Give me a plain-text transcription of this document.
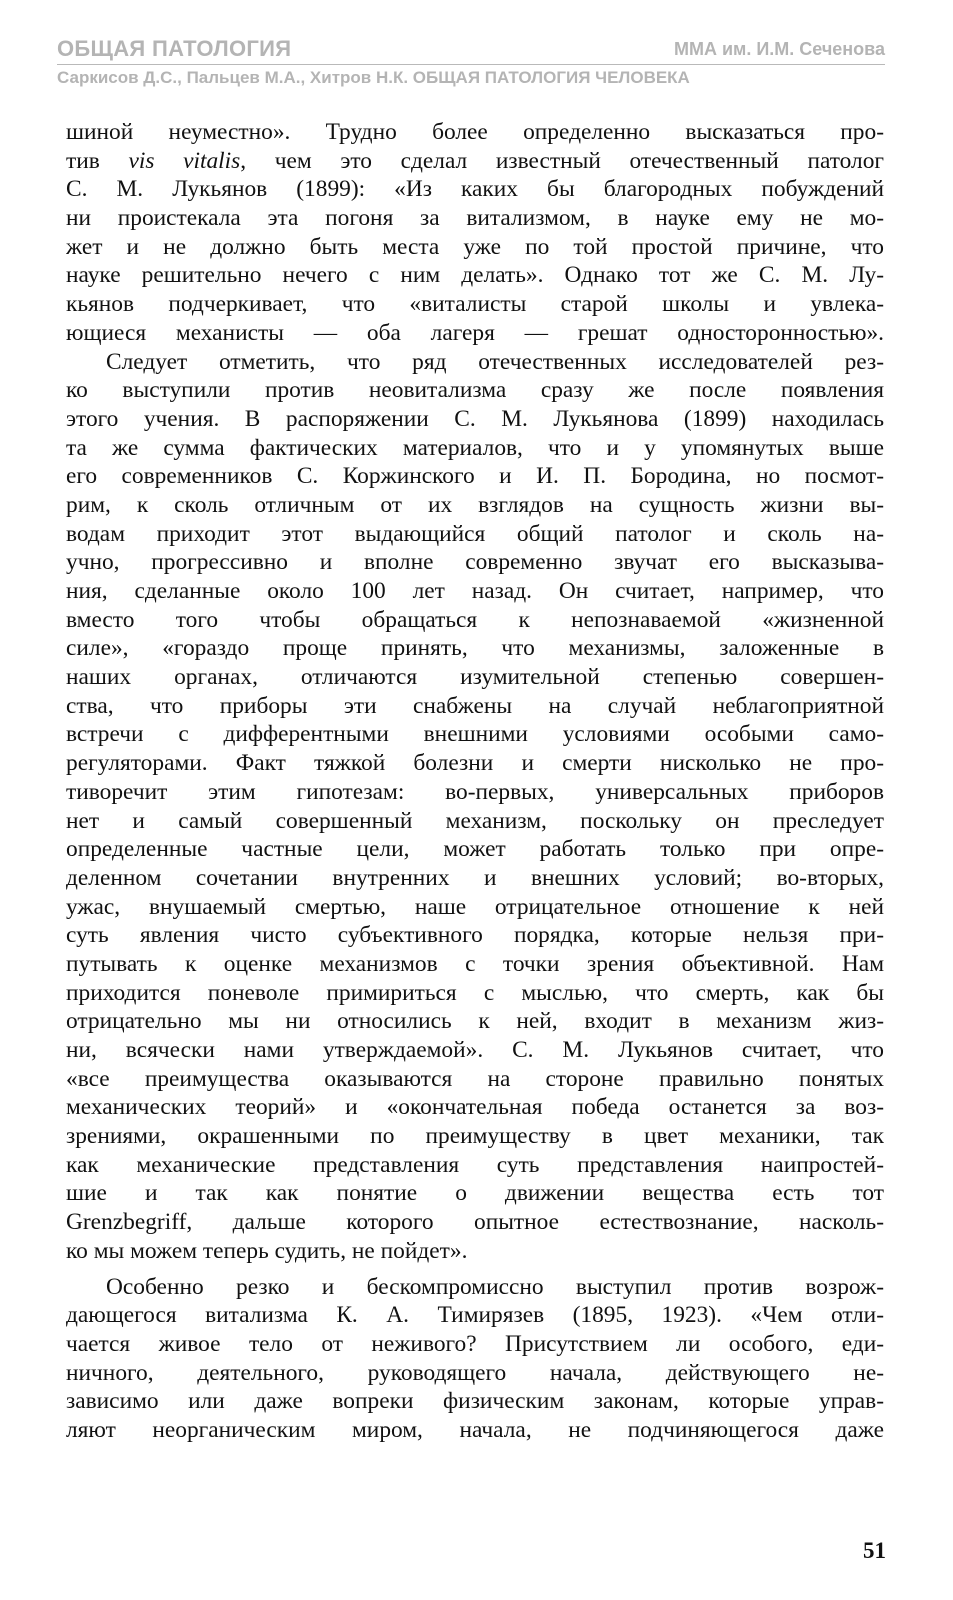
ОБЩАЯ ПАТОЛОГИЯ	ММА им. И.М. Сеченова
Саркисов Д.С., Пальцев М.А., Хитров Н.К. ОБЩАЯ ПАТОЛОГИЯ ЧЕЛОВЕКА
шиной неуместно». Трудно более определенно высказаться про-
тив vis vitalis, чем это сделал известный отечественный патолог
С. М. Лукьянов (1899): «Из каких бы благородных побуждений
ни проистекала эта погоня за витализмом, в науке ему не мо-
жет и не должно быть места уже по той простой причине, что
науке решительно нечего с ним делать». Однако тот же С. М. Лу-
кьянов подчеркивает, что «виталисты старой школы и увлека-
ющиеся механисты — оба лагеря — грешат односторонностью».
Следует отметить, что ряд отечественных исследователей рез-
ко выступили против неовитализма сразу же после появления
этого учения. В распоряжении С. М. Лукьянова (1899) находилась
та же сумма фактических материалов, что и у упомянутых выше
его современников С. Коржинского и И. П. Бородина, но посмот-
рим, к сколь отличным от их взглядов на сущность жизни вы-
водам приходит этот выдающийся общий патолог и сколь на-
учно, прогрессивно и вполне современно звучат его высказыва-
ния, сделанные около 100 лет назад. Он считает, например, что
вместо того чтобы обращаться к непознаваемой «жизненной
силе», «гораздо проще принять, что механизмы, заложенные в
наших органах, отличаются изумительной степенью совершен-
ства, что приборы эти снабжены на случай неблагоприятной
встречи с дифферентными внешними условиями особыми само-
регуляторами. Факт тяжкой болезни и смерти нисколько не про-
тиворечит этим гипотезам: во-первых, универсальных приборов
нет и самый совершенный механизм, поскольку он преследует
определенные частные цели, может работать только при опре-
деленном сочетании внутренних и внешних условий; во-вторых,
ужас, внушаемый смертью, наше отрицательное отношение к ней
суть явления чисто субъективного порядка, которые нельзя при-
путывать к оценке механизмов с точки зрения объективной. Нам
приходится поневоле примириться с мыслью, что смерть, как бы
отрицательно мы ни относились к ней, входит в механизм жиз-
ни, всячески нами утверждаемой». С. М. Лукьянов считает, что
«все преимущества оказываются на стороне правильно понятых
механических теорий» и «окончательная победа останется за воз-
зрениями, окрашенными по преимуществу в цвет механики, так
как механические представления суть представления наипростей-
шие и так как понятие о движении вещества есть тот
Grenzbegriff, дальше которого опытное естествознание, насколь-
ко мы можем теперь судить, не пойдет».
Особенно резко и бескомпромиссно выступил против возрож-
дающегося витализма К. А. Тимирязев (1895, 1923). «Чем отли-
чается живое тело от неживого? Присутствием ли особого, еди-
ничного, деятельного, руководящего начала, действующего не-
зависимо или даже вопреки физическим законам, которые управ-
ляют неорганическим миром, начала, не подчиняющегося даже
51
